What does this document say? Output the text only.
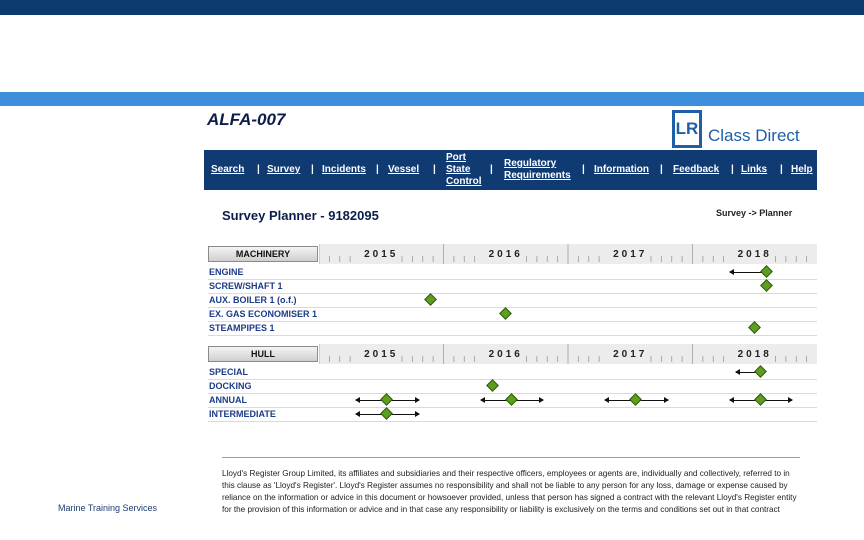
ALFA-007	LR Class Direct
Search | Survey | Incidents | Vessel |
Port
State
Control
|
Regulatory
Requirements
| Information | Feedback | Links | Help
Survey Planner - 9182095	Survey -> Planner
MACHINERY	2015	2016	2017	2018
ENGINE
SCREW/SHAFT 1
AUX. BOILER 1 (o.f.)
EX. GAS ECONOMISER 1
STEAMPIPES 1
HULL	2015	2016	2017	2018
SPECIAL
DOCKING
ANNUAL
INTERMEDIATE
Lloyd's Register Group Limited, its affiliates and subsidiaries and their respective officers, employees or agents are, individually and collectively, referred to in this clause as 'Lloyd's Register'. Lloyd's Register assumes no responsibility and shall not be liable to any person for any loss, damage or expense caused by reliance on the information or advice in this document or howsoever provided, unless that person has signed a contract with the relevant Lloyd's Register entity for the provision of this information or advice and in that case any responsibility or liability is exclusively on the terms and conditions set out in that contract
Marine Training Services
